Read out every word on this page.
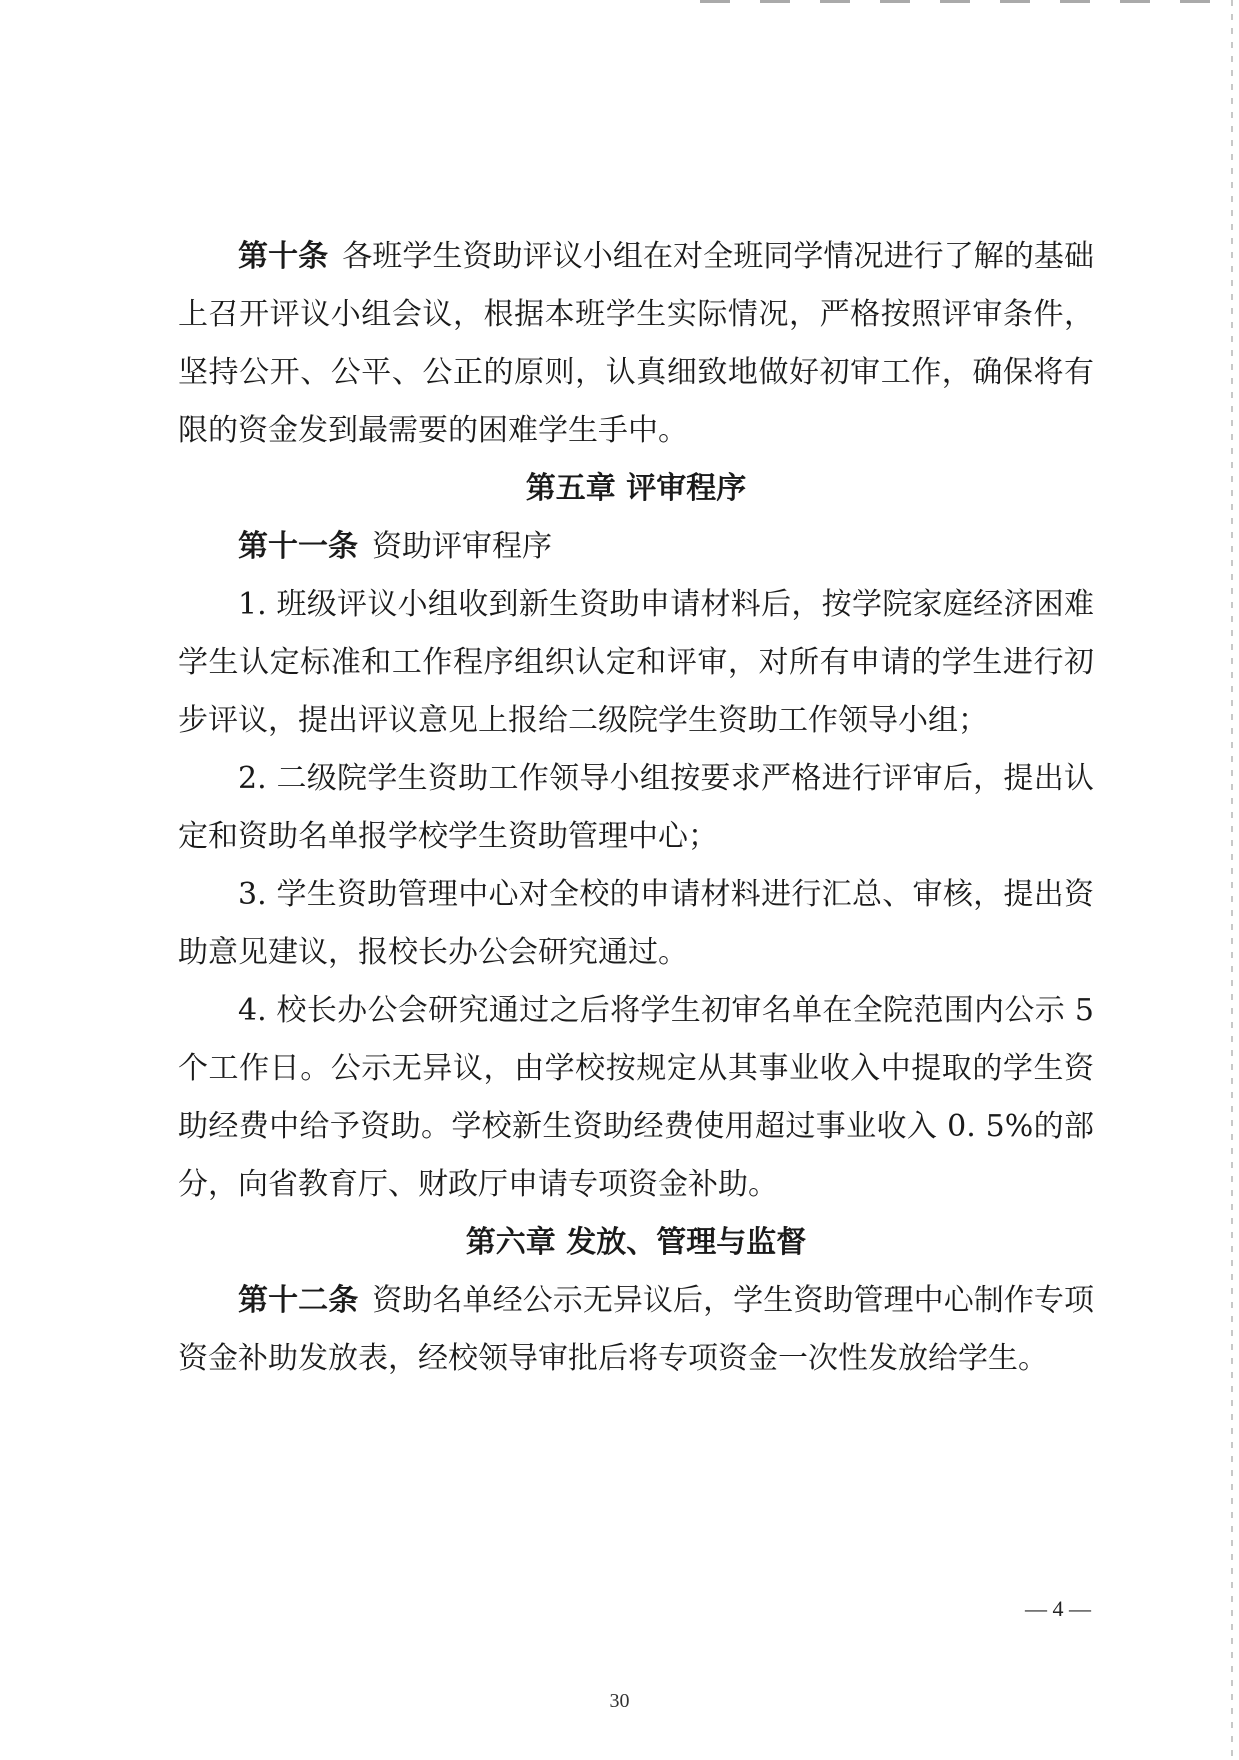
第十条 各班学生资助评议小组在对全班同学情况进行了解的基础上召开评议小组会议，根据本班学生实际情况，严格按照评审条件，坚持公开、公平、公正的原则，认真细致地做好初审工作，确保将有限的资金发到最需要的困难学生手中。

第五章 评审程序

第十一条 资助评审程序

1. 班级评议小组收到新生资助申请材料后，按学院家庭经济困难学生认定标准和工作程序组织认定和评审，对所有申请的学生进行初步评议，提出评议意见上报给二级院学生资助工作领导小组；

2. 二级院学生资助工作领导小组按要求严格进行评审后，提出认定和资助名单报学校学生资助管理中心；

3. 学生资助管理中心对全校的申请材料进行汇总、审核，提出资助意见建议，报校长办公会研究通过。

4. 校长办公会研究通过之后将学生初审名单在全院范围内公示 5 个工作日。公示无异议，由学校按规定从其事业收入中提取的学生资助经费中给予资助。学校新生资助经费使用超过事业收入 0. 5%的部分，向省教育厅、财政厅申请专项资金补助。

第六章 发放、管理与监督

第十二条 资助名单经公示无异议后，学生资助管理中心制作专项资金补助发放表，经校领导审批后将专项资金一次性发放给学生。

— 4 —
30
